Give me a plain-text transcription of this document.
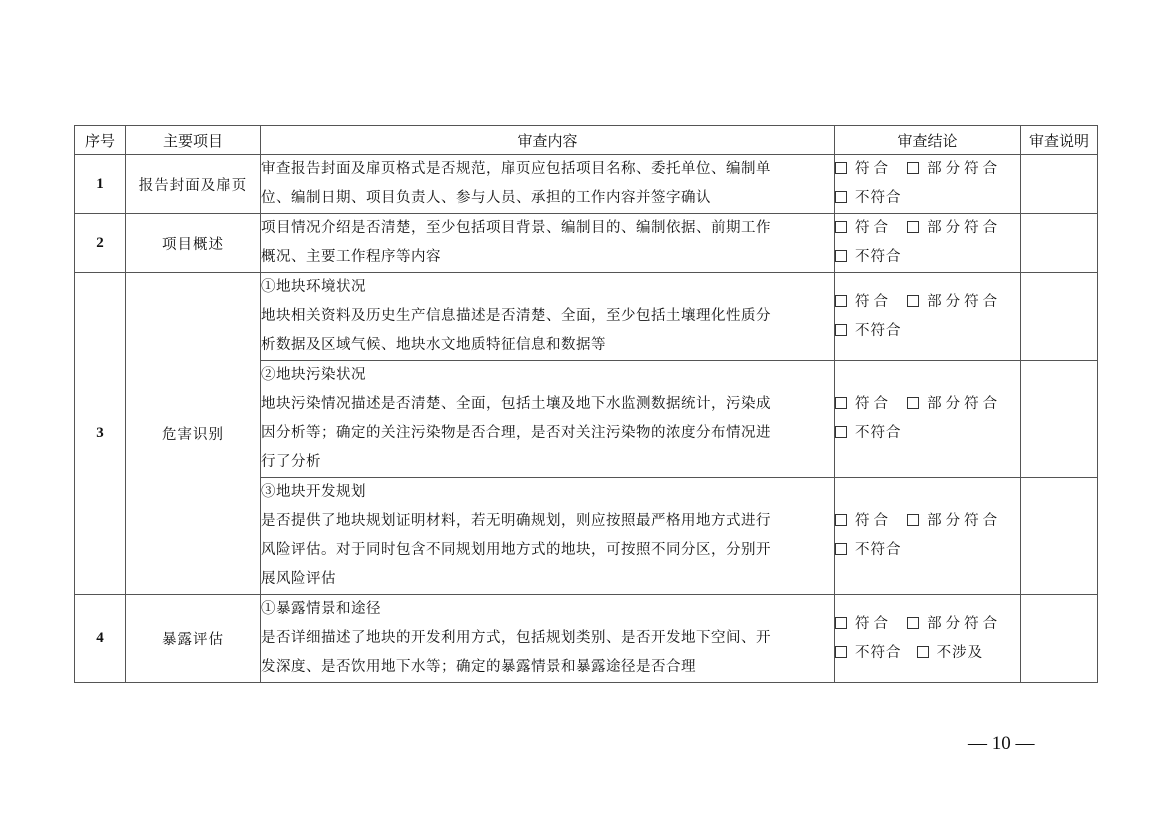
序号	主要项目	审查内容	审查结论	审查说明
1	报告封面及扉页	审查报告封面及扉页格式是否规范，扉页应包括项目名称、委托单位、编制单
位、编制日期、项目负责人、参与人员、承担的工作内容并签字确认	符合 部分符合
不符合	

2	项目概述	项目情况介绍是否清楚，至少包括项目背景、编制目的、编制依据、前期工作
概况、主要工作程序等内容	符合 部分符合
不符合	

3	危害识别	①地块环境状况
地块相关资料及历史生产信息描述是否清楚、全面，至少包括土壤理化性质分
析数据及区域气候、地块水文地质特征信息和数据等	符合 部分符合
不符合	

		②地块污染状况
地块污染情况描述是否清楚、全面，包括土壤及地下水监测数据统计，污染成
因分析等；确定的关注污染物是否合理，是否对关注污染物的浓度分布情况进
行了分析	符合 部分符合
不符合	

		③地块开发规划
是否提供了地块规划证明材料，若无明确规划，则应按照最严格用地方式进行
风险评估。对于同时包含不同规划用地方式的地块，可按照不同分区，分别开
展风险评估	符合 部分符合
不符合	

4	暴露评估	①暴露情景和途径
是否详细描述了地块的开发利用方式，包括规划类别、是否开发地下空间、开
发深度、是否饮用地下水等；确定的暴露情景和暴露途径是否合理	符合 部分符合
不符合 不涉及	

— 10 —
